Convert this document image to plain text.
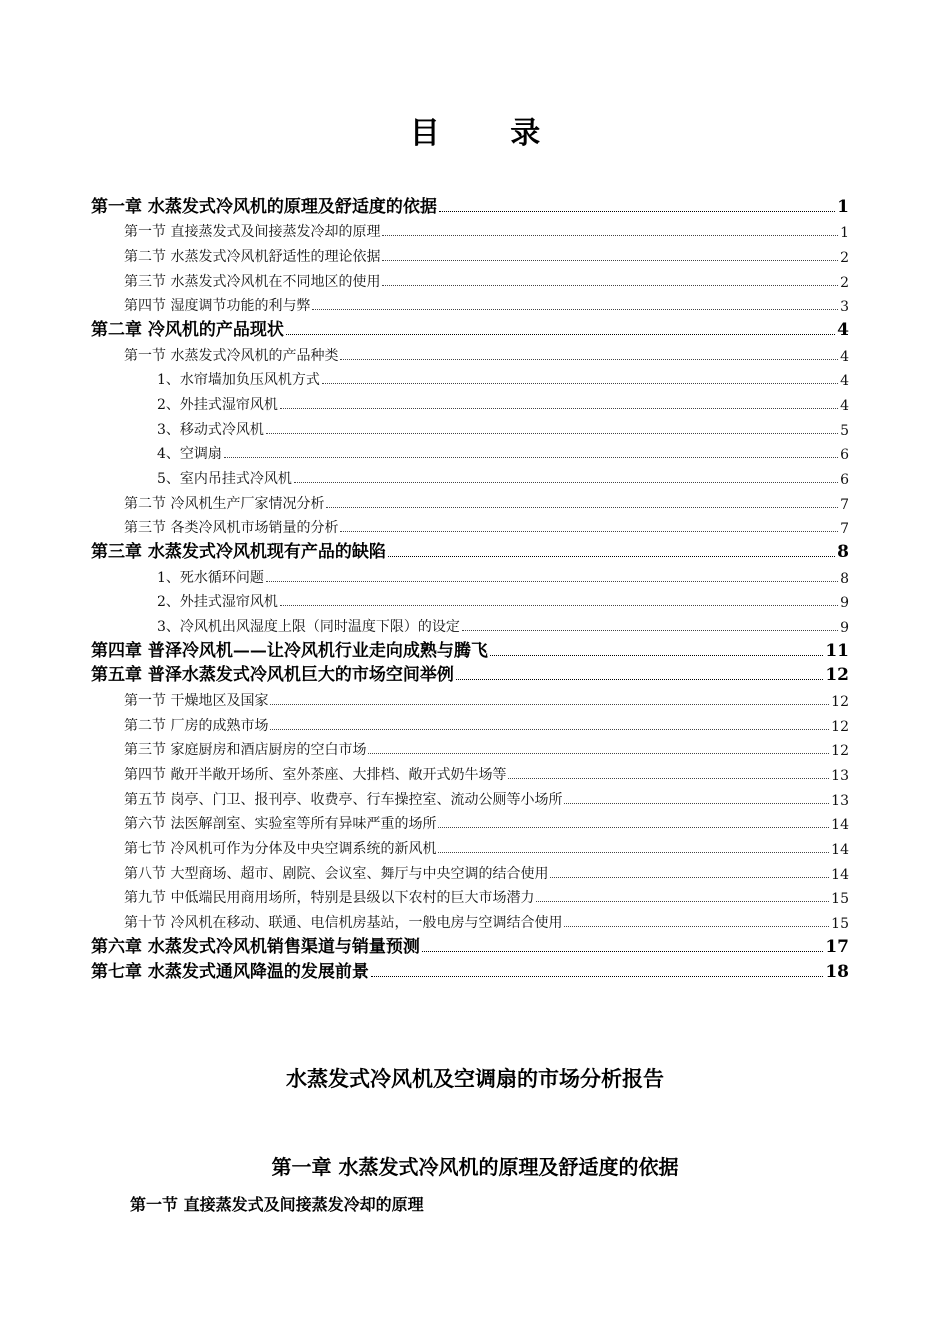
目 录
第一章 水蒸发式冷风机的原理及舒适度的依据	1
第一节 直接蒸发式及间接蒸发冷却的原理	1
第二节 水蒸发式冷风机舒适性的理论依据	2
第三节 水蒸发式冷风机在不同地区的使用	2
第四节 湿度调节功能的利与弊	3
第二章 冷风机的产品现状	4
第一节 水蒸发式冷风机的产品种类	4
1、水帘墙加负压风机方式	4
2、外挂式湿帘风机	4
3、移动式冷风机	5
4、空调扇	6
5、室内吊挂式冷风机	6
第二节 冷风机生产厂家情况分析	7
第三节 各类冷风机市场销量的分析	7
第三章 水蒸发式冷风机现有产品的缺陷	8
1、死水循环问题	8
2、外挂式湿帘风机	9
3、冷风机出风湿度上限（同时温度下限）的设定	9
第四章 普泽冷风机——让冷风机行业走向成熟与腾飞	11
第五章 普泽水蒸发式冷风机巨大的市场空间举例	12
第一节 干燥地区及国家	12
第二节 厂房的成熟市场	12
第三节 家庭厨房和酒店厨房的空白市场	12
第四节 敞开半敞开场所、室外茶座、大排档、敞开式奶牛场等	13
第五节 岗亭、门卫、报刊亭、收费亭、行车操控室、流动公厕等小场所	13
第六节 法医解剖室、实验室等所有异味严重的场所	14
第七节 冷风机可作为分体及中央空调系统的新风机	14
第八节 大型商场、超市、剧院、会议室、舞厅与中央空调的结合使用	14
第九节 中低端民用商用场所，特别是县级以下农村的巨大市场潜力	15
第十节 冷风机在移动、联通、电信机房基站，一般电房与空调结合使用	15
第六章 水蒸发式冷风机销售渠道与销量预测	17
第七章 水蒸发式通风降温的发展前景	18
水蒸发式冷风机及空调扇的市场分析报告
第一章 水蒸发式冷风机的原理及舒适度的依据
第一节 直接蒸发式及间接蒸发冷却的原理
